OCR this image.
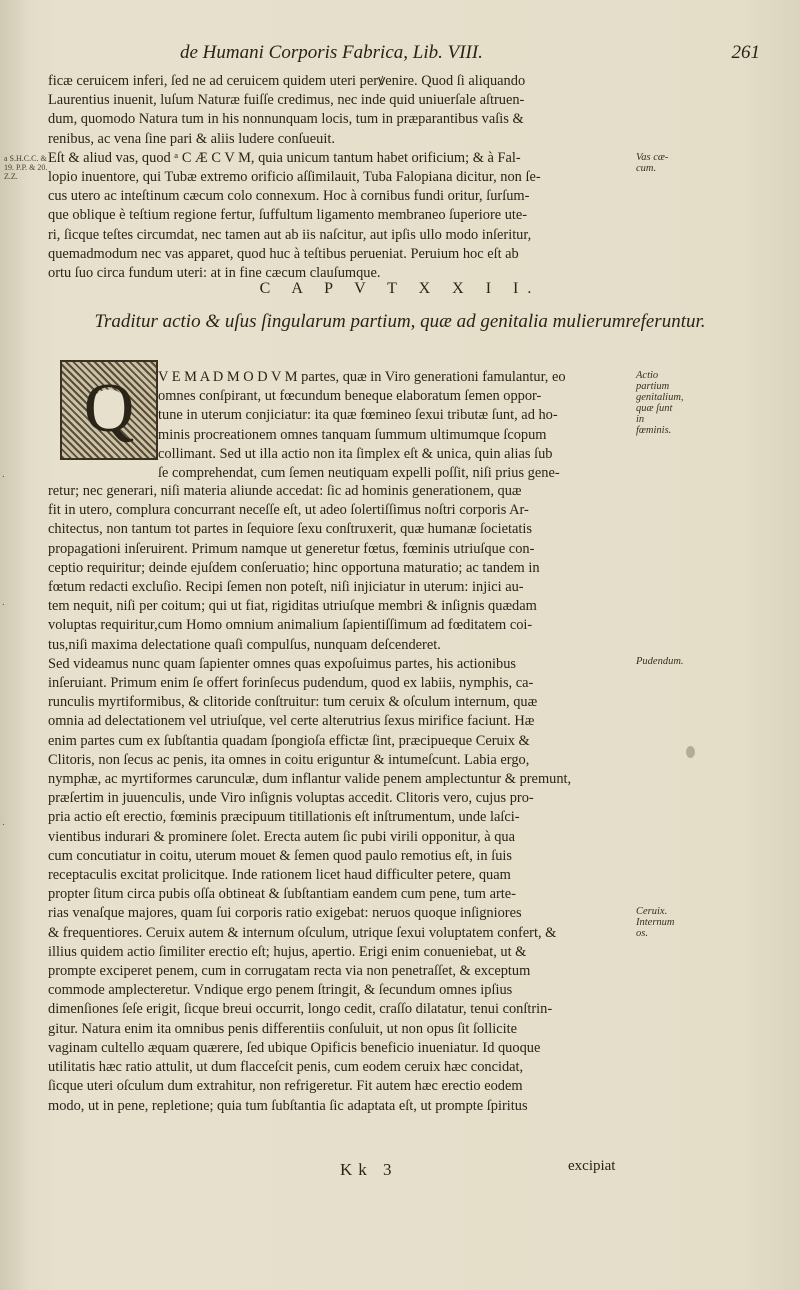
.
.
.
de Humani Corporis Fabrica, Lib. VIII.	261
ficæ ceruicem inferi, ſed ne ad ceruicem quidem uteri perꝟenire. Quod ſi aliquando
Laurentius inuenit, luſum Naturæ fuiſſe credimus, nec inde quid uniuerſale aſtruen-
dum, quomodo Natura tum in his nonnunquam locis, tum in præparantibus vaſis &
renibus, ac vena ſine pari & aliis ludere conſueuit.
Eſt & aliud vas, quod ᵃ C Æ C V M, quia unicum tantum habet orificium; & à Fal-
lopio inuentore, qui Tubæ extremo orificio aſſimilauit, Tuba Falopiana dicitur, non ſe-
cus utero ac inteſtinum cæcum colo connexum. Hoc à cornibus fundi oritur, ſurſum-
que oblique è teſtium regione fertur, ſuffultum ligamento membraneo ſuperiore ute-
ri, ſicque teſtes circumdat, nec tamen aut ab iis naſcitur, aut ipſis ullo modo inſeritur,
quemadmodum nec vas apparet, quod huc à teſtibus perueniat. Peruium hoc eſt ab
ortu ſuo circa fundum uteri: at in fine cæcum clauſumque.
a S.H.C.C. & 19. P.P. & 20. Z.Z.
Vas cæ- cum.
C A P V T X X I I.
Traditur actio & uſus ſingularum partium, quæ ad genitalia mulierumreferuntur.
Q	V E M A D M O D V M partes, quæ in Viro generationi famulantur, eo
omnes conſpirant, ut fœcundum beneque elaboratum ſemen oppor-
tune in uterum conjiciatur: ita quæ fœmineo ſexui tributæ ſunt, ad ho-
minis procreationem omnes tanquam ſummum ultimumque ſcopum
collimant. Sed ut illa actio non ita ſimplex eſt & unica, quin alias ſub
ſe comprehendat, cum ſemen neutiquam expelli poſſit, niſi prius gene-
Actio partium genitalium, quæ ſunt in fœminis.
retur; nec generari, niſi materia aliunde accedat: ſic ad hominis generationem, quæ
fit in utero, complura concurrant neceſſe eſt, ut adeo ſolertiſſimus noſtri corporis Ar-
chitectus, non tantum tot partes in ſequiore ſexu conſtruxerit, quæ humanæ ſocietatis
propagationi inſeruirent. Primum namque ut generetur fœtus, fœminis utriuſque con-
ceptio requiritur; deinde ejuſdem conſeruatio; hinc opportuna maturatio; ac tandem in
fœtum redacti excluſio. Recipi ſemen non poteſt, niſi injiciatur in uterum: injici au-
tem nequit, niſi per coitum; qui ut fiat, rigiditas utriuſque membri & inſignis quædam
voluptas requiritur,cum Homo omnium animalium ſapientiſſimum ad fœditatem coi-
tus,niſi maxima delectatione quaſi compulſus, nunquam deſcenderet.
Sed videamus nunc quam ſapienter omnes quas expoſuimus partes, his actionibus
inſeruiant. Primum enim ſe offert forinſecus pudendum, quod ex labiis, nymphis, ca-
runculis myrtiformibus, & clitoride conſtruitur: tum ceruix & oſculum internum, quæ
omnia ad delectationem vel utriuſque, vel certe alterutrius ſexus mirifice faciunt. Hæ
enim partes cum ex ſubſtantia quadam ſpongioſa effictæ ſint, præcipueque Ceruix &
Clitoris, non ſecus ac penis, ita omnes in coitu eriguntur & intumeſcunt. Labia ergo,
nymphæ, ac myrtiformes carunculæ, dum inflantur valide penem amplectuntur & premunt,
præſertim in juuenculis, unde Viro inſignis voluptas accedit. Clitoris vero, cujus pro-
pria actio eſt erectio, fœminis præcipuum titillationis eſt inſtrumentum, unde laſci-
vientibus indurari & prominere ſolet. Erecta autem ſic pubi virili opponitur, à qua
cum concutiatur in coitu, uterum mouet & ſemen quod paulo remotius eſt, in ſuis
receptaculis excitat prolicitque. Inde rationem licet haud difficulter petere, quam
propter ſitum circa pubis oſſa obtineat & ſubſtantiam eandem cum pene, tum arte-
rias venaſque majores, quam ſui corporis ratio exigebat: neruos quoque inſigniores
& frequentiores. Ceruix autem & internum oſculum, utrique ſexui voluptatem confert, &
illius quidem actio ſimiliter erectio eſt; hujus, apertio. Erigi enim conueniebat, ut &
prompte exciperet penem, cum in corrugatam recta via non penetraſſet, & exceptum
commode amplecteretur. Vndique ergo penem ſtringit, & ſecundum omnes ipſius
dimenſiones ſeſe erigit, ſicque breui occurrit, longo cedit, craſſo dilatatur, tenui conſtrin-
gitur. Natura enim ita omnibus penis differentiis conſuluit, ut non opus ſit ſollicite
vaginam cultello æquam quærere, ſed ubique Opificis beneficio inueniatur. Id quoque
utilitatis hæc ratio attulit, ut dum flacceſcit penis, cum eodem ceruix hæc concidat,
ſicque uteri oſculum dum extrahitur, non refrigeretur. Fit autem hæc erectio eodem
modo, ut in pene, repletione; quia tum ſubſtantia ſic adaptata eſt, ut prompte ſpiritus
Pudendum.
Ceruix. Internum os.
Kk 3	excipiat
